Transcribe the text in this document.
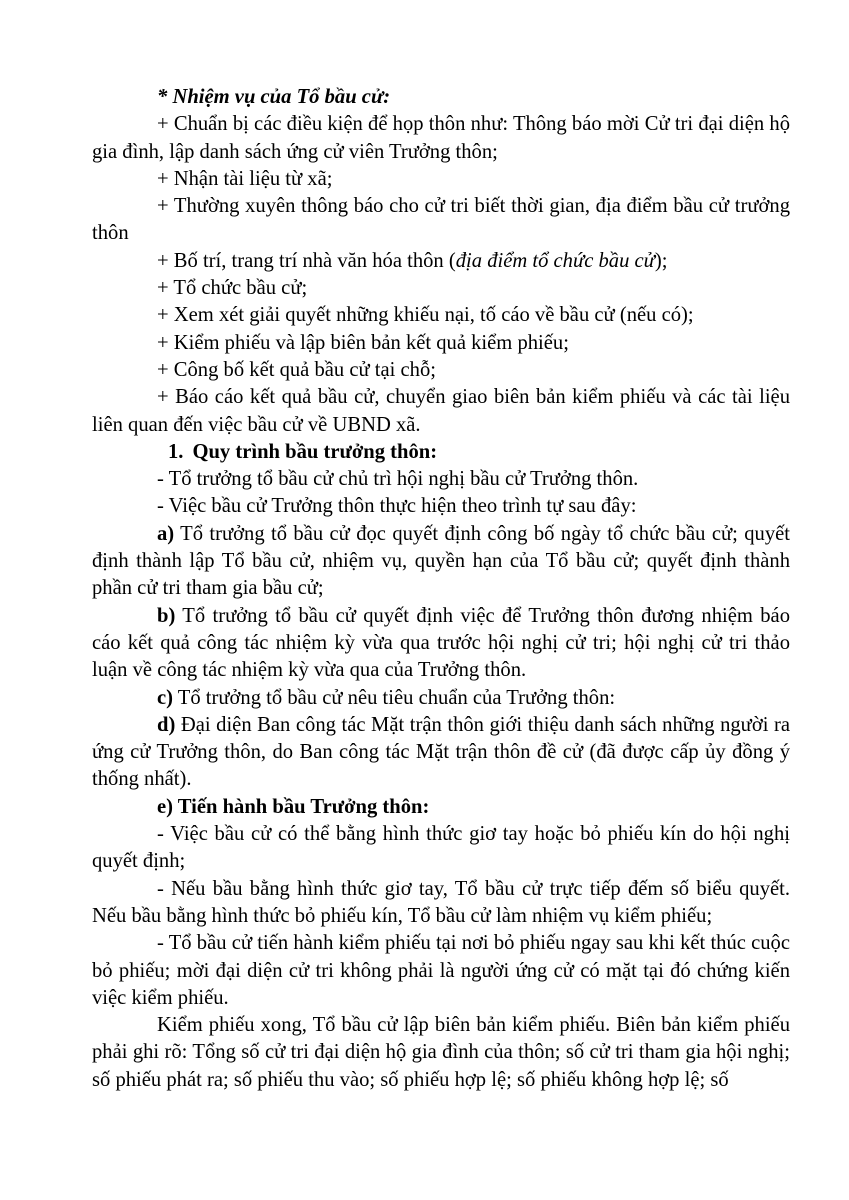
* Nhiệm vụ của Tổ bầu cử:

+ Chuẩn bị các điều kiện để họp thôn như: Thông báo mời Cử tri đại diện hộ gia đình, lập danh sách ứng cử viên Trưởng thôn;

+ Nhận tài liệu từ xã;

+ Thường xuyên thông báo cho cử tri biết thời gian, địa điểm bầu cử trưởng thôn

+ Bố trí, trang trí nhà văn hóa thôn (địa điểm tổ chức bầu cử);

+ Tổ chức bầu cử;

+ Xem xét giải quyết những khiếu nại, tố cáo về bầu cử (nếu có);

+ Kiểm phiếu và lập biên bản kết quả kiểm phiếu;

+ Công bố kết quả bầu cử tại chỗ;

+ Báo cáo kết quả bầu cử, chuyển giao biên bản kiểm phiếu và các tài liệu liên quan đến việc bầu cử về UBND xã.

1. Quy trình bầu trưởng thôn:

- Tổ trưởng tổ bầu cử chủ trì hội nghị bầu cử Trưởng thôn.

- Việc bầu cử Trưởng thôn thực hiện theo trình tự sau đây:

a) Tổ trưởng tổ bầu cử đọc quyết định công bố ngày tổ chức bầu cử; quyết định thành lập Tổ bầu cử, nhiệm vụ, quyền hạn của Tổ bầu cử; quyết định thành phần cử tri tham gia bầu cử;

b) Tổ trưởng tổ bầu cử quyết định việc để Trưởng thôn đương nhiệm báo cáo kết quả công tác nhiệm kỳ vừa qua trước hội nghị cử tri; hội nghị cử tri thảo luận về công tác nhiệm kỳ vừa qua của Trưởng thôn.

c) Tổ trưởng tổ bầu cử nêu tiêu chuẩn của Trưởng thôn:

d) Đại diện Ban công tác Mặt trận thôn giới thiệu danh sách những người ra ứng cử Trưởng thôn, do Ban công tác Mặt trận thôn đề cử (đã được cấp ủy đồng ý thống nhất).

e) Tiến hành bầu Trưởng thôn:

- Việc bầu cử có thể bằng hình thức giơ tay hoặc bỏ phiếu kín do hội nghị quyết định;

- Nếu bầu bằng hình thức giơ tay, Tổ bầu cử trực tiếp đếm số biểu quyết. Nếu bầu bằng hình thức bỏ phiếu kín, Tổ bầu cử làm nhiệm vụ kiểm phiếu;

- Tổ bầu cử tiến hành kiểm phiếu tại nơi bỏ phiếu ngay sau khi kết thúc cuộc bỏ phiếu; mời đại diện cử tri không phải là người ứng cử có mặt tại đó chứng kiến việc kiểm phiếu.

Kiểm phiếu xong, Tổ bầu cử lập biên bản kiểm phiếu. Biên bản kiểm phiếu phải ghi rõ: Tổng số cử tri đại diện hộ gia đình của thôn; số cử tri tham gia hội nghị; số phiếu phát ra; số phiếu thu vào; số phiếu hợp lệ; số phiếu không hợp lệ; số
